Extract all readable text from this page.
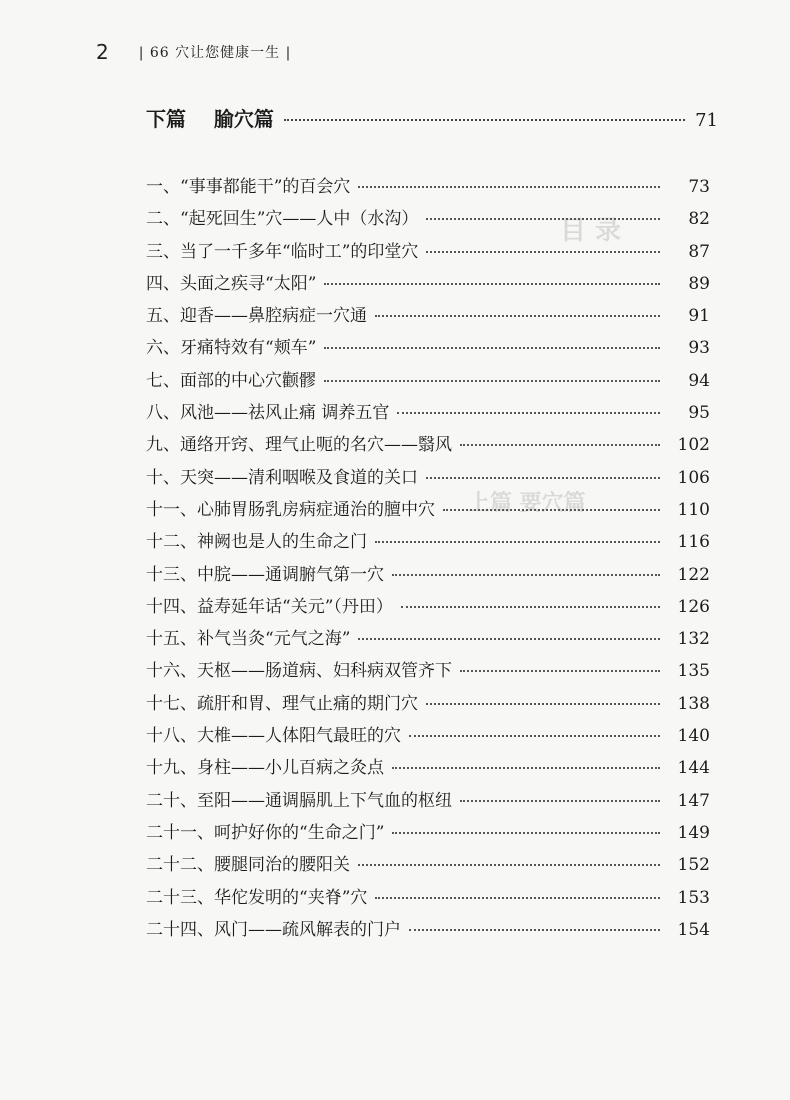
2 | 66 穴让您健康一生 |
目 录
上篇 要穴篇
下篇    腧穴篇	71
一、“事事都能干”的百会穴	73
二、“起死回生”穴——人中（水沟）	82
三、当了一千多年“临时工”的印堂穴	87
四、头面之疾寻“太阳”	89
五、迎香——鼻腔病症一穴通	91
六、牙痛特效有“颊车”	93
七、面部的中心穴颧髎	94
八、风池——祛风止痛 调养五官	95
九、通络开窍、理气止呃的名穴——翳风	102
十、天突——清利咽喉及食道的关口	106
十一、心肺胃肠乳房病症通治的膻中穴	110
十二、神阙也是人的生命之门	116
十三、中脘——通调腑气第一穴	122
十四、益寿延年话“关元”（丹田）	126
十五、补气当灸“元气之海”	132
十六、天枢——肠道病、妇科病双管齐下	135
十七、疏肝和胃、理气止痛的期门穴	138
十八、大椎——人体阳气最旺的穴	140
十九、身柱——小儿百病之灸点	144
二十、至阳——通调膈肌上下气血的枢纽	147
二十一、呵护好你的“生命之门”	149
二十二、腰腿同治的腰阳关	152
二十三、华佗发明的“夹脊”穴	153
二十四、风门——疏风解表的门户	154
